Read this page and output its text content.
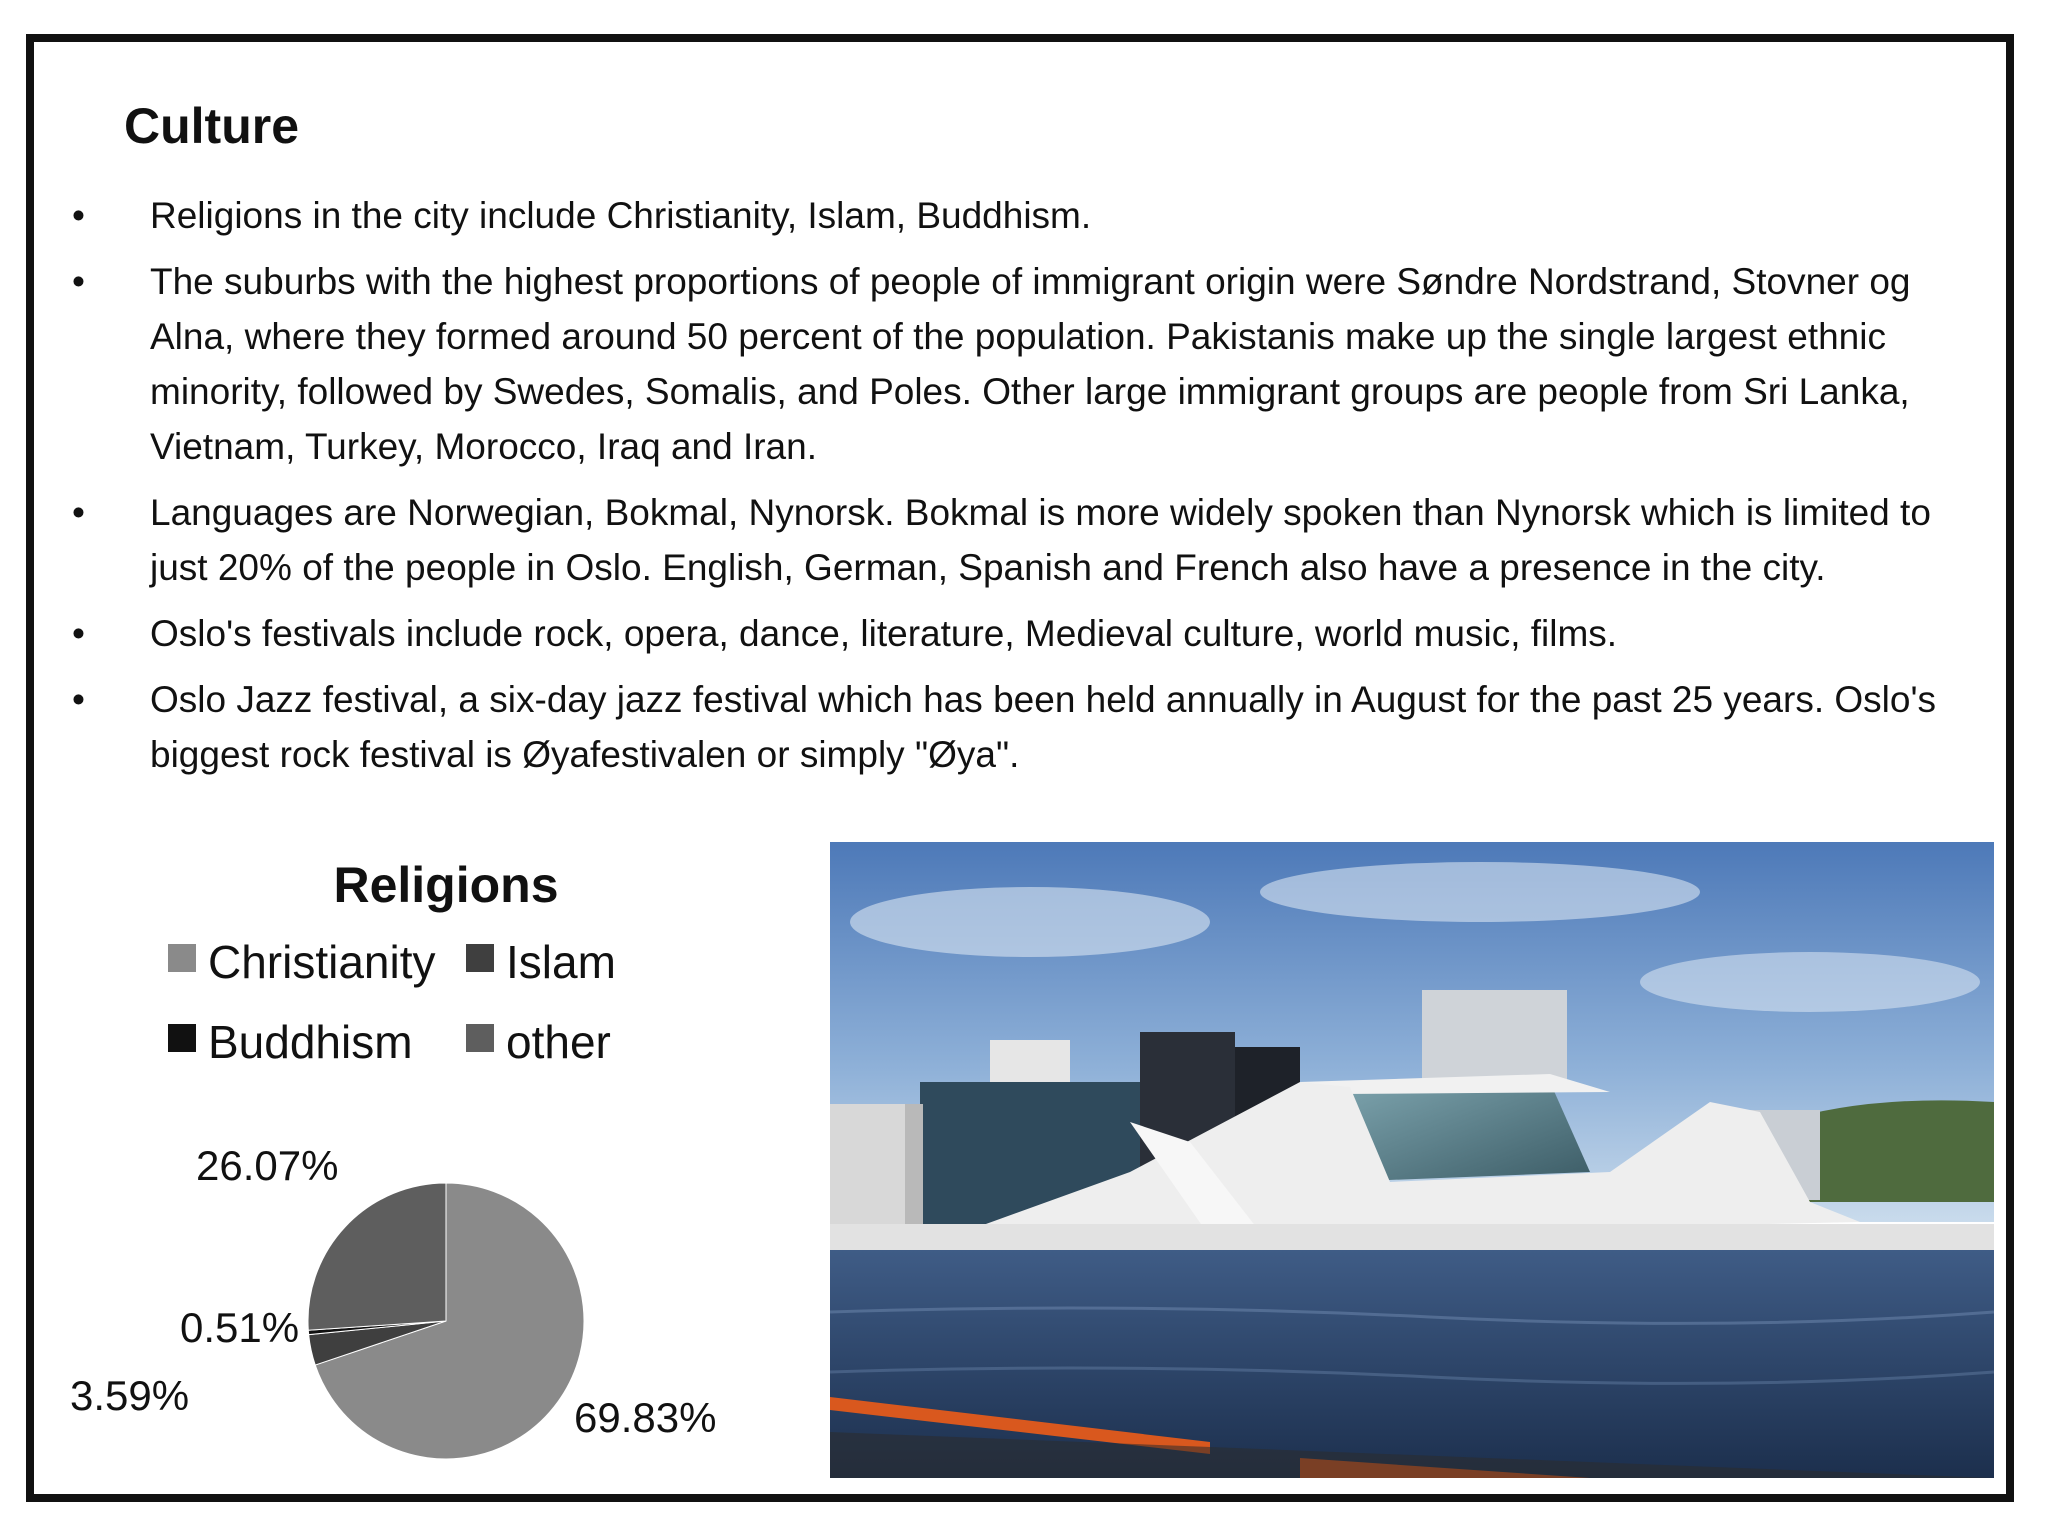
Culture
• Religions in the city include Christianity, Islam, Buddhism.
• The suburbs with the highest proportions of people of immigrant origin were Søndre Nordstrand, Stovner og Alna, where they formed around 50 percent of the population. Pakistanis make up the single largest ethnic minority, followed by Swedes, Somalis, and Poles. Other large immigrant groups are people from Sri Lanka, Vietnam, Turkey, Morocco, Iraq and Iran.
• Languages are Norwegian, Bokmal, Nynorsk. Bokmal is more widely spoken than Nynorsk which is limited to just 20% of the people in Oslo. English, German, Spanish and French also have a presence in the city.
• Oslo's festivals include rock, opera, dance, literature, Medieval culture, world music, films.
• Oslo Jazz festival, a six-day jazz festival which has been held annually in August for the past 25 years. Oslo's biggest rock festival is Øyafestivalen or simply "Øya".
Religions
Christianity Islam
Buddhism other
69.83%
3.59%
0.51%
26.07%
